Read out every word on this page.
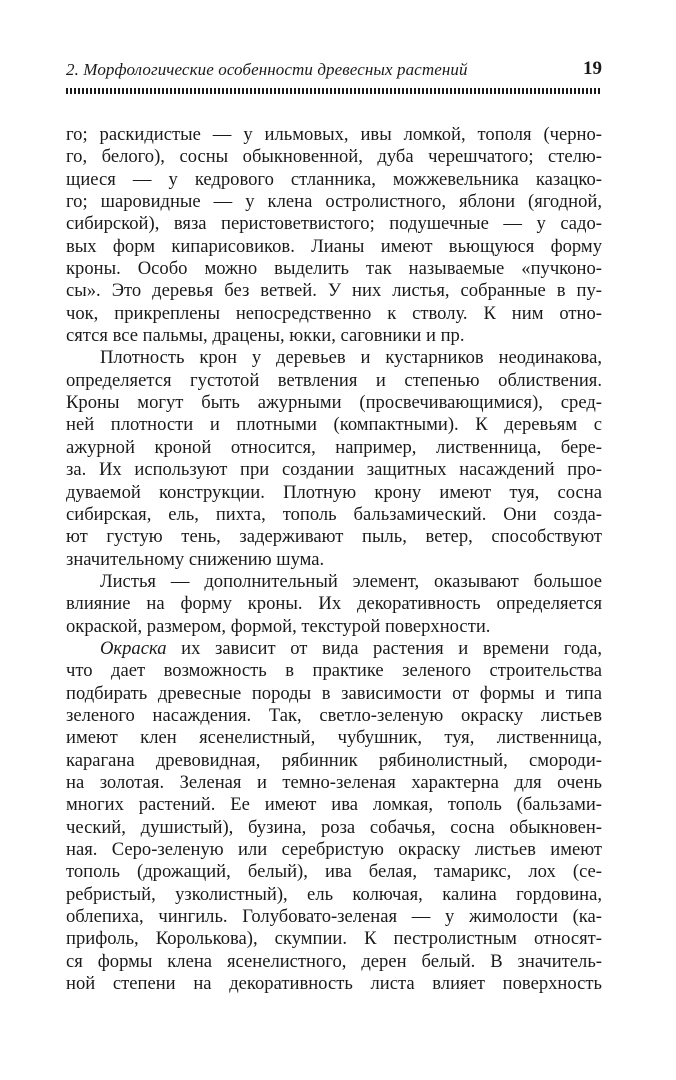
2. Морфологические особенности древесных растений	19
го; раскидистые — у ильмовых, ивы ломкой, тополя (черно-
го, белого), сосны обыкновенной, дуба черешчатого; стелю-
щиеся — у кедрового стланника, можжевельника казацко-
го; шаровидные — у клена остролистного, яблони (ягодной,
сибирской), вяза перистоветвистого; подушечные — у садо-
вых форм кипарисовиков. Лианы имеют вьющуюся форму
кроны. Особо можно выделить так называемые «пучконо-
сы». Это деревья без ветвей. У них листья, собранные в пу-
чок, прикреплены непосредственно к стволу. К ним отно-
сятся все пальмы, драцены, юкки, саговники и пр.
Плотность крон у деревьев и кустарников неодинакова,
определяется густотой ветвления и степенью облиствения.
Кроны могут быть ажурными (просвечивающимися), сред-
ней плотности и плотными (компактными). К деревьям с
ажурной кроной относится, например, лиственница, бере-
за. Их используют при создании защитных насаждений про-
дуваемой конструкции. Плотную крону имеют туя, сосна
сибирская, ель, пихта, тополь бальзамический. Они созда-
ют густую тень, задерживают пыль, ветер, способствуют
значительному снижению шума.
Листья — дополнительный элемент, оказывают большое
влияние на форму кроны. Их декоративность определяется
окраской, размером, формой, текстурой поверхности.
Окраска их зависит от вида растения и времени года,
что дает возможность в практике зеленого строительства
подбирать древесные породы в зависимости от формы и типа
зеленого насаждения. Так, светло-зеленую окраску листьев
имеют клен ясенелистный, чубушник, туя, лиственница,
карагана древовидная, рябинник рябинолистный, смороди-
на золотая. Зеленая и темно-зеленая характерна для очень
многих растений. Ее имеют ива ломкая, тополь (бальзами-
ческий, душистый), бузина, роза собачья, сосна обыкновен-
ная. Серо-зеленую или серебристую окраску листьев имеют
тополь (дрожащий, белый), ива белая, тамарикс, лох (се-
ребристый, узколистный), ель колючая, калина гордовина,
облепиха, чингиль. Голубовато-зеленая — у жимолости (ка-
прифоль, Королькова), скумпии. К пестролистным относят-
ся формы клена ясенелистного, дерен белый. В значитель-
ной степени на декоративность листа влияет поверхность
